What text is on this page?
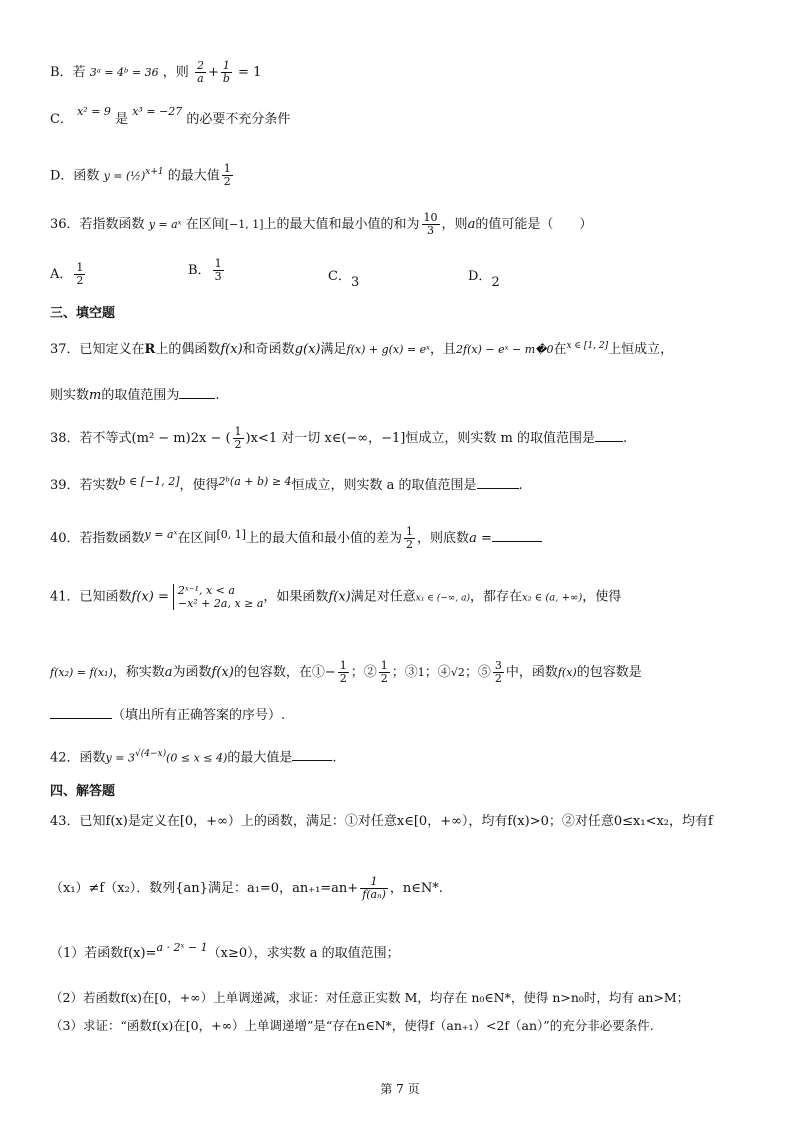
B．若 3ᵃ = 4ᵇ = 36 ，则 $\frac{2}{a} + \frac{1}{b} = 1$
C． $^{x^2 = 9}$ 是 $^{x^3 = -27}$ 的必要不充分条件
D．函数 y = (½)$^{x+1}$ 的最大值 $\frac{1}{2}$
36．若指数函数 y = aˣ 在区间[−1, 1]上的最大值和最小值的和为 $\frac{10}{3}$ ，则a的值可能是（　　）
A． $\frac{1}{2}$	B． $\frac{1}{3}$	C．3	D．2
三、填空题
37．已知定义在R上的偶函数f(x)和奇函数g(x)满足f(x) + g(x) = eˣ，且2f(x) − eˣ − m�0在$^{x \in [1, 2]}$上恒成立，
则实数m的取值范围为	.
38．若不等式(m² − m)2x − ( $\frac{1}{2} )x<1$ 对一切 x∈(−∞，−1]恒成立，则实数 m 的取值范围是 .
39．若实数$^{b \in [-1, 2]}$，使得$^{2ᵇ(a + b) \ge 4}$恒成立，则实数 a 的取值范围是	.
40．若指数函数$^{y = aˣ}$在区间[0, 1]上的最大值和最小值的差为 $\frac{1}{2}$ ，则底数a =
41．已知函数f(x) = 2ˣ⁻¹, x < a
−x² + 2a, x ≥ a ，如果函数f(x)满足对任意x₁ ∈ (−∞, a)，都存在x₂ ∈ (a, +∞)，使得
f(x₂) = f(x₁)，称实数a为函数f(x)的包容数，在①− $\frac{1}{2}$ ；② $\frac{1}{2}$ ；③1；④√2；⑤ $\frac{3}{2}$ 中，函数f(x)的包容数是
（填出所有正确答案的序号）.
42．函数$y = 3^{√(4-x)}(0 \le x \le 4)$的最大值是	.
四、解答题
43．已知f(x)是定义在[0，+∞）上的函数，满足：①对任意x∈[0，+∞），均有f(x)>0；②对任意0≤x₁<x₂，均有f
（x₁）≠f（x₂）．数列{an}满足：a₁=0，$an_{+1}=an+ \frac{1}{\text{f(aₙ)}}$ ，n∈N*.
（1）若函数f(x)=$^{a \cdot 2ˣ - 1}$（x≥0），求实数 a 的取值范围；
（2）若函数f(x)在[0，+∞）上单调递减，求证：对任意正实数 M，均存在 n₀∈N*，使得 n>n₀时，均有 an>M；
（3）求证：“函数f(x)在[0，+∞）上单调递增”是“存在n∈N*，使得f（an₊₁）<2f（an）”的充分非必要条件.
第 7 页
